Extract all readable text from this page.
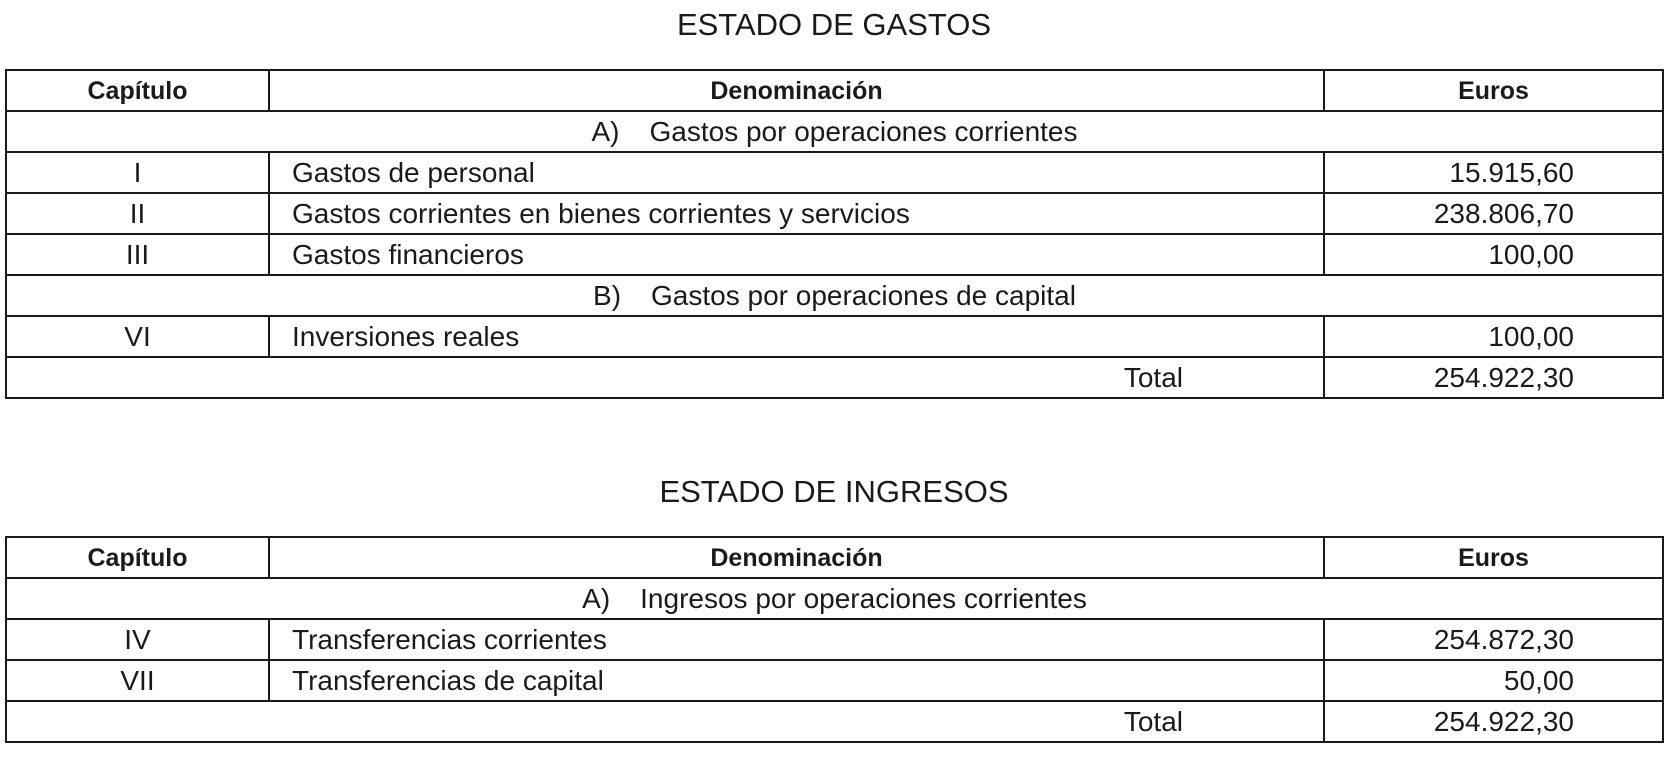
ESTADO DE GASTOS
Capítulo	Denominación	Euros
A) Gastos por operaciones corrientes		
I	Gastos de personal	15.915,60
II	Gastos corrientes en bienes corrientes y servicios	238.806,70
III	Gastos financieros	100,00
B) Gastos por operaciones de capital		
VI	Inversiones reales	100,00
Total		254.922,30
ESTADO DE INGRESOS
Capítulo	Denominación	Euros
A) Ingresos por operaciones corrientes		
IV	Transferencias corrientes	254.872,30
VII	Transferencias de capital	50,00
Total		254.922,30
